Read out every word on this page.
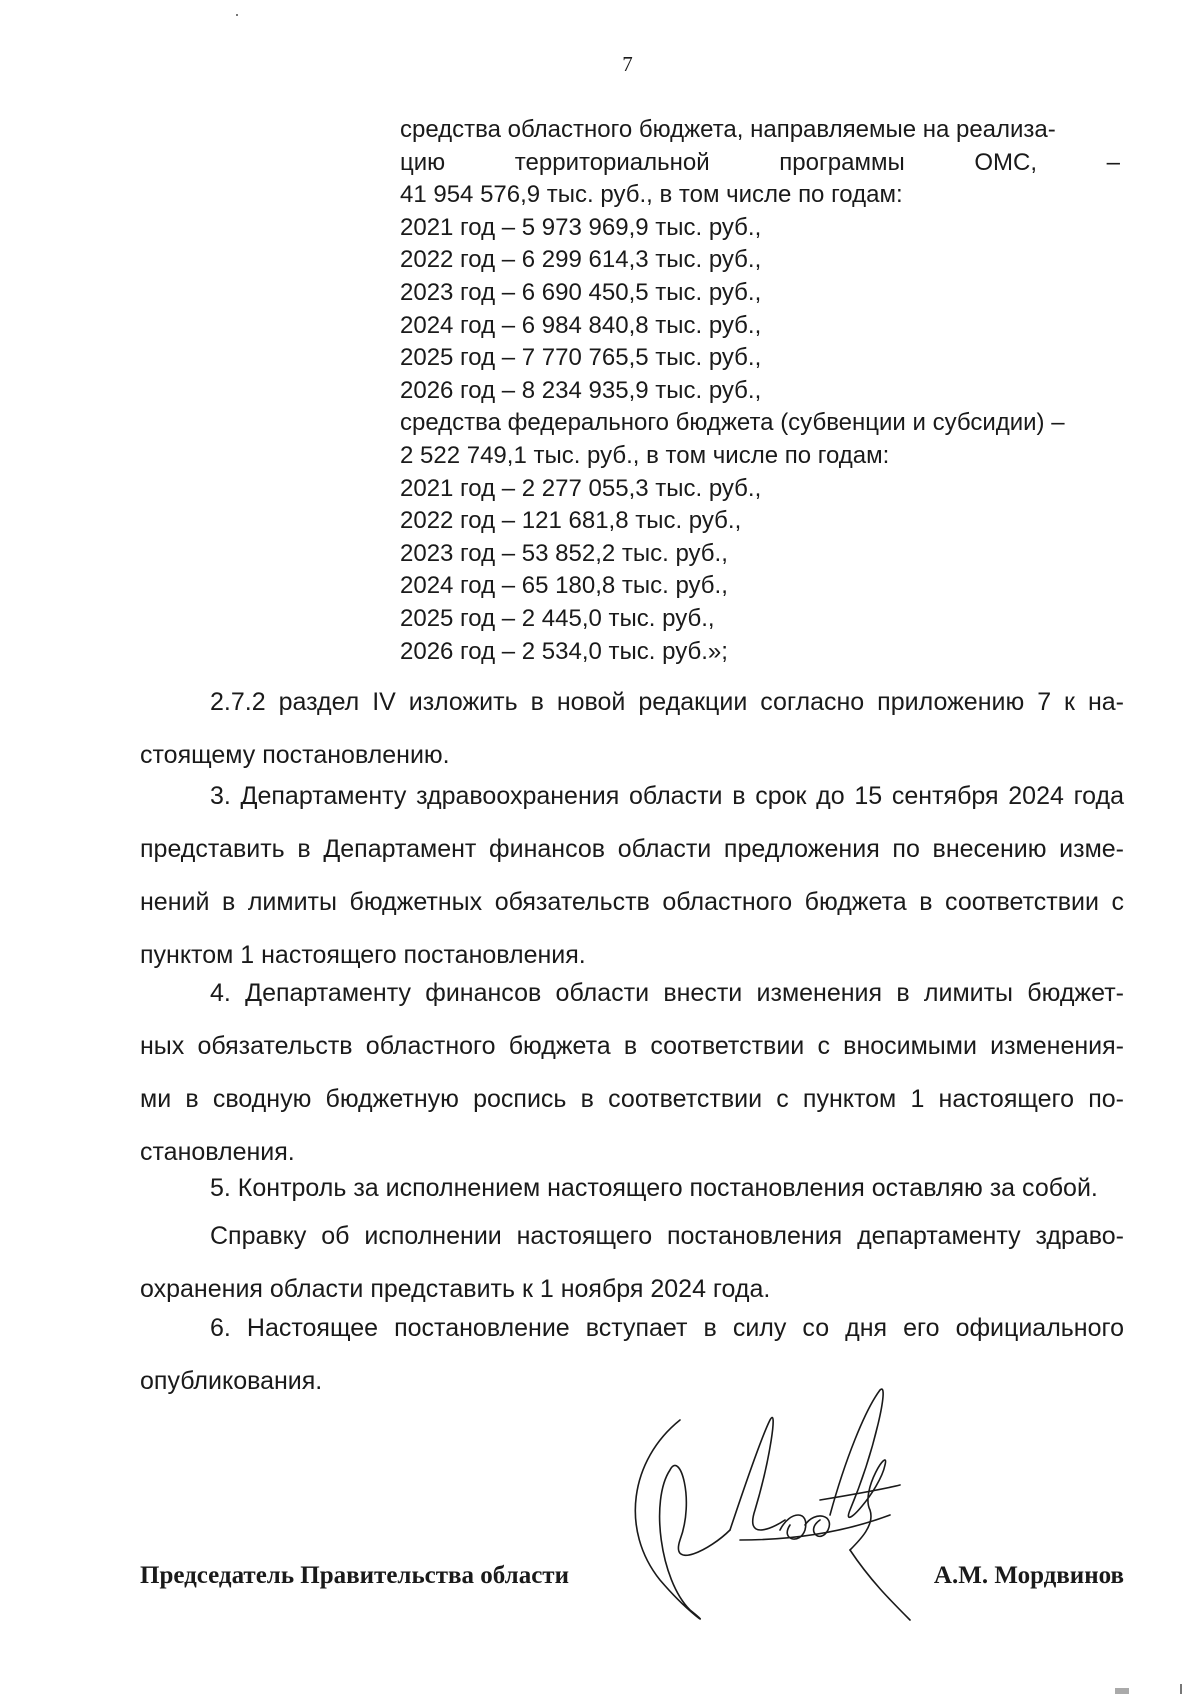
7
средства областного бюджета, направляемые на реализа-
цию	территориальной	программы	ОМС,	–
41 954 576,9 тыс. руб., в том числе по годам:
2021 год – 5 973 969,9 тыс. руб.,
2022 год – 6 299 614,3 тыс. руб.,
2023 год – 6 690 450,5 тыс. руб.,
2024 год – 6 984 840,8 тыс. руб.,
2025 год – 7 770 765,5 тыс. руб.,
2026 год – 8 234 935,9 тыс. руб.,
средства федерального бюджета (субвенции и субсидии) –
2 522 749,1 тыс. руб., в том числе по годам:
2021 год – 2 277 055,3 тыс. руб.,
2022 год – 121 681,8 тыс. руб.,
2023 год – 53 852,2 тыс. руб.,
2024 год – 65 180,8 тыс. руб.,
2025 год – 2 445,0 тыс. руб.,
2026 год – 2 534,0 тыс. руб.»;
2.7.2 раздел IV изложить в новой редакции согласно приложению 7 к на-
стоящему постановлению.
3. Департаменту здравоохранения области в срок до 15 сентября 2024 года
представить в Департамент финансов области предложения по внесению изме-
нений в лимиты бюджетных обязательств областного бюджета в соответствии с
пунктом 1 настоящего постановления.
4. Департаменту финансов области внести изменения в лимиты бюджет-
ных обязательств областного бюджета в соответствии с вносимыми изменения-
ми в сводную бюджетную роспись в соответствии с пунктом 1 настоящего по-
становления.
5. Контроль за исполнением настоящего постановления оставляю за собой.
Справку об исполнении настоящего постановления департаменту здраво-
охранения области представить к 1 ноября 2024 года.
6. Настоящее постановление вступает в силу со дня его официального
опубликования.
Председатель Правительства области	А.М. Мордвинов
